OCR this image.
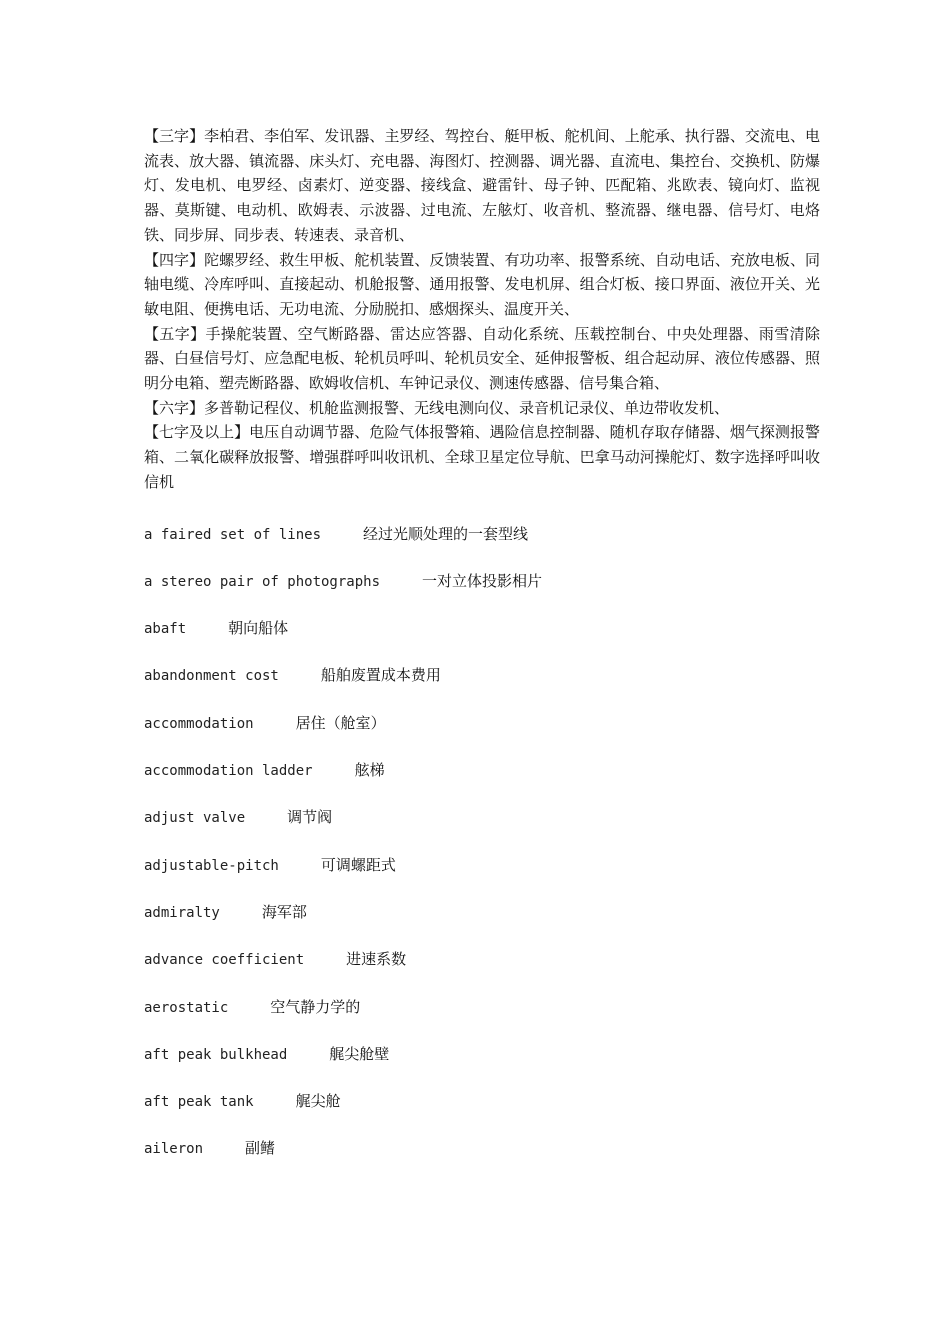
【三字】李柏君、李伯军、发讯器、主罗经、驾控台、艇甲板、舵机间、上舵承、执行器、交流电、电流表、放大器、镇流器、床头灯、充电器、海图灯、控测器、调光器、直流电、集控台、交换机、防爆灯、发电机、电罗经、卤素灯、逆变器、接线盒、避雷针、母子钟、匹配箱、兆欧表、镜向灯、监视器、莫斯键、电动机、欧姆表、示波器、过电流、左舷灯、收音机、整流器、继电器、信号灯、电烙铁、同步屏、同步表、转速表、录音机、

【四字】陀螺罗经、救生甲板、舵机装置、反馈装置、有功功率、报警系统、自动电话、充放电板、同轴电缆、冷库呼叫、直接起动、机舱报警、通用报警、发电机屏、组合灯板、接口界面、液位开关、光敏电阻、便携电话、无功电流、分励脱扣、感烟探头、温度开关、

【五字】手操舵装置、空气断路器、雷达应答器、自动化系统、压载控制台、中央处理器、雨雪清除器、白昼信号灯、应急配电板、轮机员呼叫、轮机员安全、延伸报警板、组合起动屏、液位传感器、照明分电箱、塑壳断路器、欧姆收信机、车钟记录仪、测速传感器、信号集合箱、

【六字】多普勒记程仪、机舱监测报警、无线电测向仪、录音机记录仪、单边带收发机、

【七字及以上】电压自动调节器、危险气体报警箱、遇险信息控制器、随机存取存储器、烟气探测报警箱、二氧化碳释放报警、增强群呼叫收讯机、全球卫星定位导航、巴拿马动河操舵灯、数字选择呼叫收信机

a faired set of lines	经过光顺处理的一套型线
a stereo pair of photographs	一对立体投影相片
abaft	朝向船体
abandonment cost	船舶废置成本费用
accommodation	居住（舱室）
accommodation ladder	舷梯
adjust valve	调节阀
adjustable-pitch	可调螺距式
admiralty	海军部
advance coefficient	进速系数
aerostatic	空气静力学的
aft peak bulkhead	艉尖舱壁
aft peak tank	艉尖舱
aileron	副鳍
